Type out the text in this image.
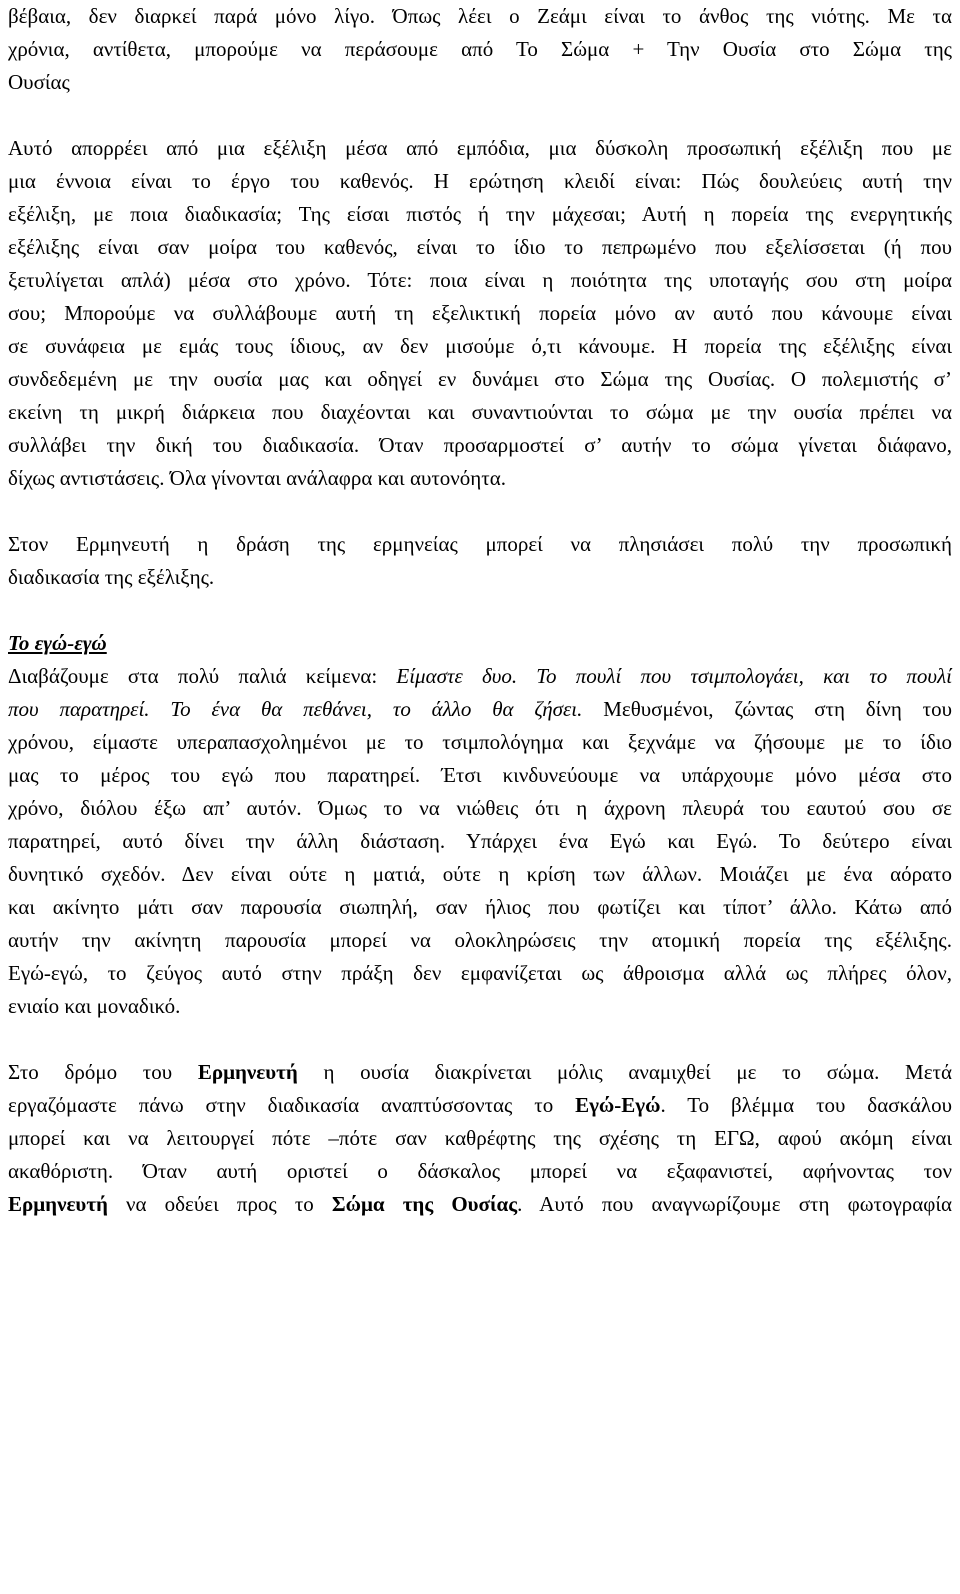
βέβαια, δεν διαρκεί παρά μόνο λίγο. Όπως λέει ο Ζεάμι είναι το άνθος της νιότης. Με τα
χρόνια, αντίθετα, μπορούμε να περάσουμε από Το Σώμα + Την Ουσία στο Σώμα της
Ουσίας
Αυτό απορρέει από μια εξέλιξη μέσα από εμπόδια, μια δύσκολη προσωπική εξέλιξη που με
μια έννοια είναι το έργο του καθενός. Η ερώτηση κλειδί είναι: Πώς δουλεύεις αυτή την
εξέλιξη, με ποια διαδικασία; Της είσαι πιστός ή την μάχεσαι; Αυτή η πορεία της ενεργητικής
εξέλιξης είναι σαν μοίρα του καθενός, είναι το ίδιο το πεπρωμένο που εξελίσσεται (ή που
ξετυλίγεται απλά) μέσα στο χρόνο. Τότε: ποια είναι η ποιότητα της υποταγής σου στη μοίρα
σου; Μπορούμε να συλλάβουμε αυτή τη εξελικτική πορεία μόνο αν αυτό που κάνουμε είναι
σε συνάφεια με εμάς τους ίδιους, αν δεν μισούμε ό,τι κάνουμε. Η πορεία της εξέλιξης είναι
συνδεδεμένη με την ουσία μας και οδηγεί εν δυνάμει στο Σώμα της Ουσίας. Ο πολεμιστής σ’
εκείνη τη μικρή διάρκεια που διαχέονται και συναντιούνται το σώμα με την ουσία πρέπει να
συλλάβει την δική του διαδικασία. Όταν προσαρμοστεί σ’ αυτήν το σώμα γίνεται διάφανο,
δίχως αντιστάσεις. Όλα γίνονται ανάλαφρα και αυτονόητα.
Στον Ερμηνευτή η δράση της ερμηνείας μπορεί να πλησιάσει πολύ την προσωπική
διαδικασία της εξέλιξης.
Το εγώ-εγώ
Διαβάζουμε στα πολύ παλιά κείμενα: Είμαστε δυο. Το πουλί που τσιμπολογάει, και το πουλί
που παρατηρεί. Το ένα θα πεθάνει, το άλλο θα ζήσει. Μεθυσμένοι, ζώντας στη δίνη του
χρόνου, είμαστε υπεραπασχολημένοι με το τσιμπολόγημα και ξεχνάμε να ζήσουμε με το ίδιο
μας το μέρος του εγώ που παρατηρεί. Έτσι κινδυνεύουμε να υπάρχουμε μόνο μέσα στο
χρόνο, διόλου έξω απ’ αυτόν. Όμως το να νιώθεις ότι η άχρονη πλευρά του εαυτού σου σε
παρατηρεί, αυτό δίνει την άλλη διάσταση. Υπάρχει ένα Εγώ και Εγώ. Το δεύτερο είναι
δυνητικό σχεδόν. Δεν είναι ούτε η ματιά, ούτε η κρίση των άλλων. Μοιάζει με ένα αόρατο
και ακίνητο μάτι σαν παρουσία σιωπηλή, σαν ήλιος που φωτίζει και τίποτ’ άλλο. Κάτω από
αυτήν την ακίνητη παρουσία μπορεί να ολοκληρώσεις την ατομική πορεία της εξέλιξης.
Εγώ-εγώ, το ζεύγος αυτό στην πράξη δεν εμφανίζεται ως άθροισμα αλλά ως πλήρες όλον,
ενιαίο και μοναδικό.
Στο δρόμο του Ερμηνευτή η ουσία διακρίνεται μόλις αναμιχθεί με το σώμα. Μετά
εργαζόμαστε πάνω στην διαδικασία αναπτύσσοντας το Εγώ-Εγώ. Το βλέμμα του δασκάλου
μπορεί και να λειτουργεί πότε –πότε σαν καθρέφτης της σχέσης τη ΕΓΩ, αφού ακόμη είναι
ακαθόριστη. Όταν αυτή οριστεί ο δάσκαλος μπορεί να εξαφανιστεί, αφήνοντας τον
Ερμηνευτή να οδεύει προς το Σώμα της Ουσίας. Αυτό που αναγνωρίζουμε στη φωτογραφία
